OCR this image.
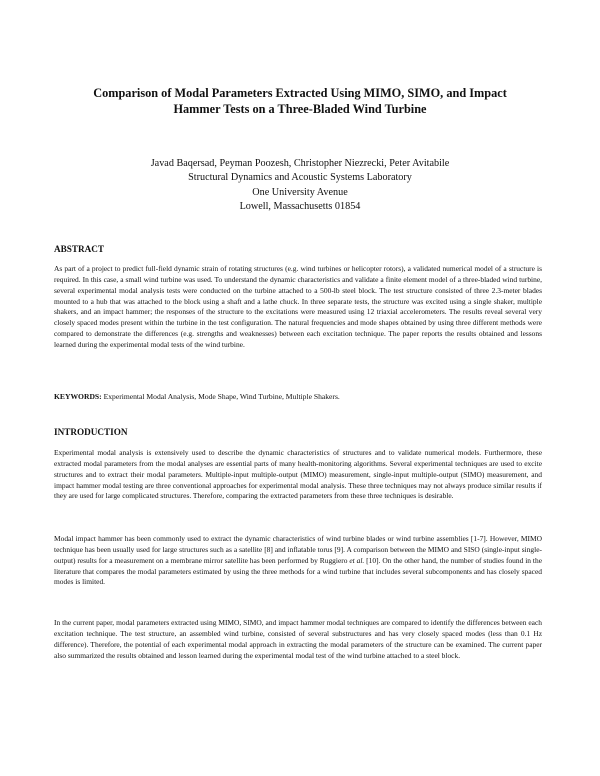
Comparison of Modal Parameters Extracted Using MIMO, SIMO, and Impact
Hammer Tests on a Three-Bladed Wind Turbine
Javad Baqersad, Peyman Poozesh, Christopher Niezrecki, Peter Avitabile
Structural Dynamics and Acoustic Systems Laboratory
One University Avenue
Lowell, Massachusetts 01854
ABSTRACT

As part of a project to predict full-field dynamic strain of rotating structures (e.g. wind turbines or helicopter rotors), a validated numerical model of a structure is required. In this case, a small wind turbine was used. To understand the dynamic characteristics and validate a finite element model of a three-bladed wind turbine, several experimental modal analysis tests were conducted on the turbine attached to a 500-lb steel block. The test structure consisted of three 2.3-meter blades mounted to a hub that was attached to the block using a shaft and a lathe chuck. In three separate tests, the structure was excited using a single shaker, multiple shakers, and an impact hammer; the responses of the structure to the excitations were measured using 12 triaxial accelerometers. The results reveal several very closely spaced modes present within the turbine in the test configuration. The natural frequencies and mode shapes obtained by using three different methods were compared to demonstrate the differences (e.g. strengths and weaknesses) between each excitation technique. The paper reports the results obtained and lessons learned during the experimental modal tests of the wind turbine.

KEYWORDS: Experimental Modal Analysis, Mode Shape, Wind Turbine, Multiple Shakers.
INTRODUCTION

Experimental modal analysis is extensively used to describe the dynamic characteristics of structures and to validate numerical models. Furthermore, these extracted modal parameters from the modal analyses are essential parts of many health-monitoring algorithms. Several experimental techniques are used to excite structures and to extract their modal parameters. Multiple-input multiple-output (MIMO) measurement, single-input multiple-output (SIMO) measurement, and impact hammer modal testing are three conventional approaches for experimental modal analysis. These three techniques may not always produce similar results if they are used for large complicated structures. Therefore, comparing the extracted parameters from these three techniques is desirable.

Modal impact hammer has been commonly used to extract the dynamic characteristics of wind turbine blades or wind turbine assemblies [1-7]. However, MIMO technique has been usually used for large structures such as a satellite [8] and inflatable torus [9]. A comparison between the MIMO and SISO (single-input single-output) results for a measurement on a membrane mirror satellite has been performed by Ruggiero et al. [10]. On the other hand, the number of studies found in the literature that compares the modal parameters estimated by using the three methods for a wind turbine that includes several subcomponents and has closely spaced modes is limited.

In the current paper, modal parameters extracted using MIMO, SIMO, and impact hammer modal techniques are compared to identify the differences between each excitation technique. The test structure, an assembled wind turbine, consisted of several substructures and has very closely spaced modes (less than 0.1 Hz difference). Therefore, the potential of each experimental modal approach in extracting the modal parameters of the structure can be examined. The current paper also summarized the results obtained and lesson learned during the experimental modal test of the wind turbine attached to a steel block.
